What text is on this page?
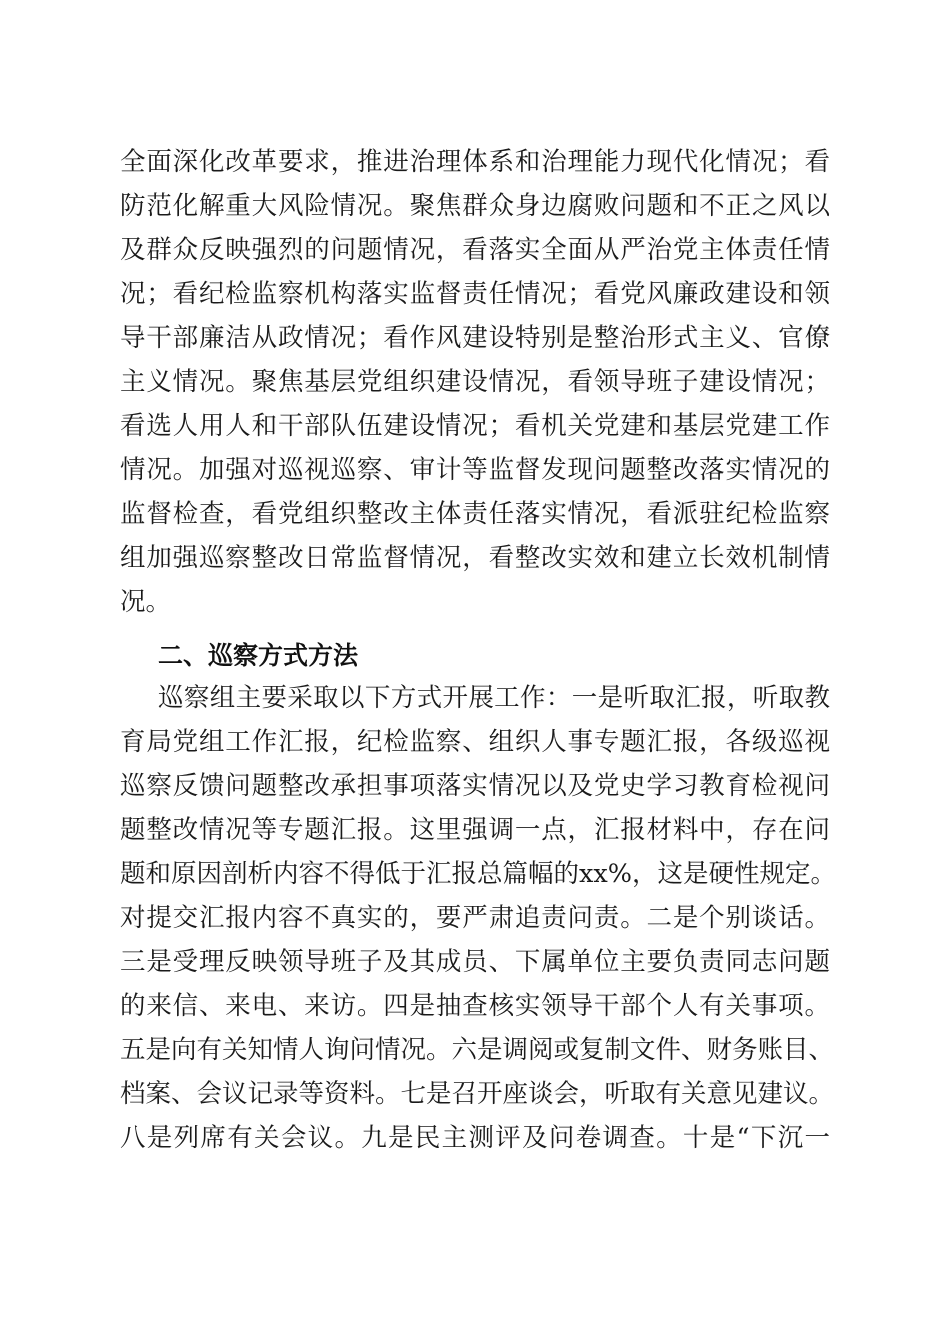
全面深化改革要求，推进治理体系和治理能力现代化情况；看
防范化解重大风险情况。聚焦群众身边腐败问题和不正之风以
及群众反映强烈的问题情况，看落实全面从严治党主体责任情
况；看纪检监察机构落实监督责任情况；看党风廉政建设和领
导干部廉洁从政情况；看作风建设特别是整治形式主义、官僚
主义情况。聚焦基层党组织建设情况，看领导班子建设情况；
看选人用人和干部队伍建设情况；看机关党建和基层党建工作
情况。加强对巡视巡察、审计等监督发现问题整改落实情况的
监督检查，看党组织整改主体责任落实情况，看派驻纪检监察
组加强巡察整改日常监督情况，看整改实效和建立长效机制情
况。
二、巡察方式方法
巡察组主要采取以下方式开展工作：一是听取汇报，听取教
育局党组工作汇报，纪检监察、组织人事专题汇报，各级巡视
巡察反馈问题整改承担事项落实情况以及党史学习教育检视问
题整改情况等专题汇报。这里强调一点，汇报材料中，存在问
题和原因剖析内容不得低于汇报总篇幅的xx%，这是硬性规定。
对提交汇报内容不真实的，要严肃追责问责。二是个别谈话。
三是受理反映领导班子及其成员、下属单位主要负责同志问题
的来信、来电、来访。四是抽查核实领导干部个人有关事项。
五是向有关知情人询问情况。六是调阅或复制文件、财务账目、
档案、会议记录等资料。七是召开座谈会，听取有关意见建议。
八是列席有关会议。九是民主测评及问卷调查。十是“下沉一
